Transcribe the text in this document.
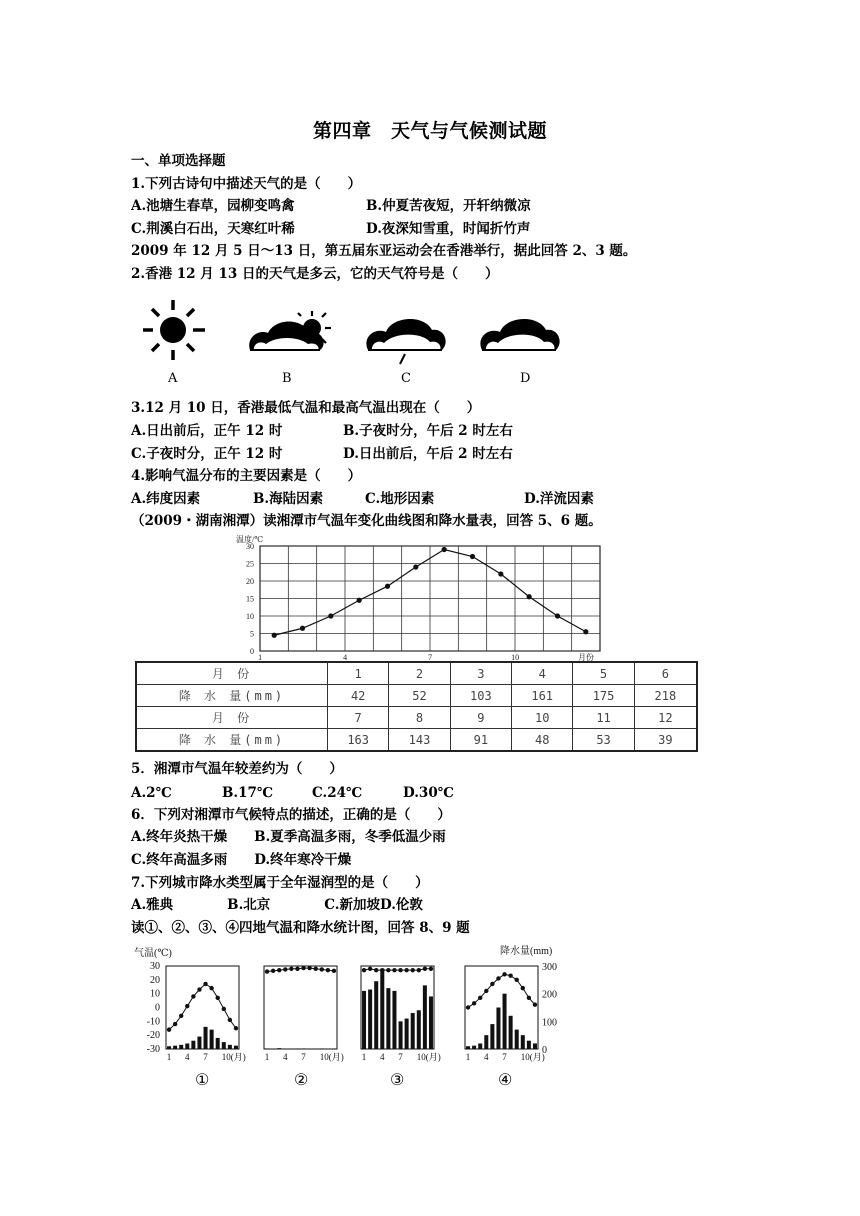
第四章　天气与气候测试题
一、单项选择题
1.下列古诗句中描述天气的是（　　）
A.池塘生春草，园柳变鸣禽	B.仲夏苦夜短，开轩纳微凉
C.荆溪白石出，天寒红叶稀	D.夜深知雪重，时闻折竹声
2009 年 12 月 5 日～13 日，第五届东亚运动会在香港举行，据此回答 2、3 题。
2.香港 12 月 13 日的天气是多云，它的天气符号是（　　）
A	B	C	D
3.12 月 10 日，香港最低气温和最高气温出现在（　　）
A.日出前后，正午 12 时	B.子夜时分，午后 2 时左右
C.子夜时分，正午 12 时	D.日出前后，午后 2 时左右
4.影响气温分布的主要因素是（　　）
A.纬度因素	B.海陆因素	C.地形因素	D.洋流因素
（2009・湖南湘潭）读湘潭市气温年变化曲线图和降水量表，回答 5、6 题。
0
5
10
15
20
25
30
温度/℃
1	4	7	10	月份
月 份	1	2	3	4	5	6
降 水 量(mm)	42	52	103	161	175	218
月 份	7	8	9	10	11	12
降 水 量(mm)	163	143	91	48	53	39
5．湘潭市气温年较差约为（　　）
A.2℃	B.17℃	C.24℃	D.30℃
6．下列对湘潭市气候特点的描述，正确的是（　　）
A.终年炎热干燥　　B.夏季高温多雨，冬季低温少雨
C.终年高温多雨　　D.终年寒冷干燥
7.下列城市降水类型属于全年湿润型的是（　　）
A.雅典　　　　B.北京　　　　C.新加坡D.伦敦
读①、②、③、④四地气温和降水统计图，回答 8、9 题
气温(℃)	降水量(mm)
30
20
10
0
-10
-20
-30
300
200
100
0
1 4 7 10(月) 1 4 7 10(月) 1 4 7 10(月)	1 4 7 10(月)
①	②	③	④
